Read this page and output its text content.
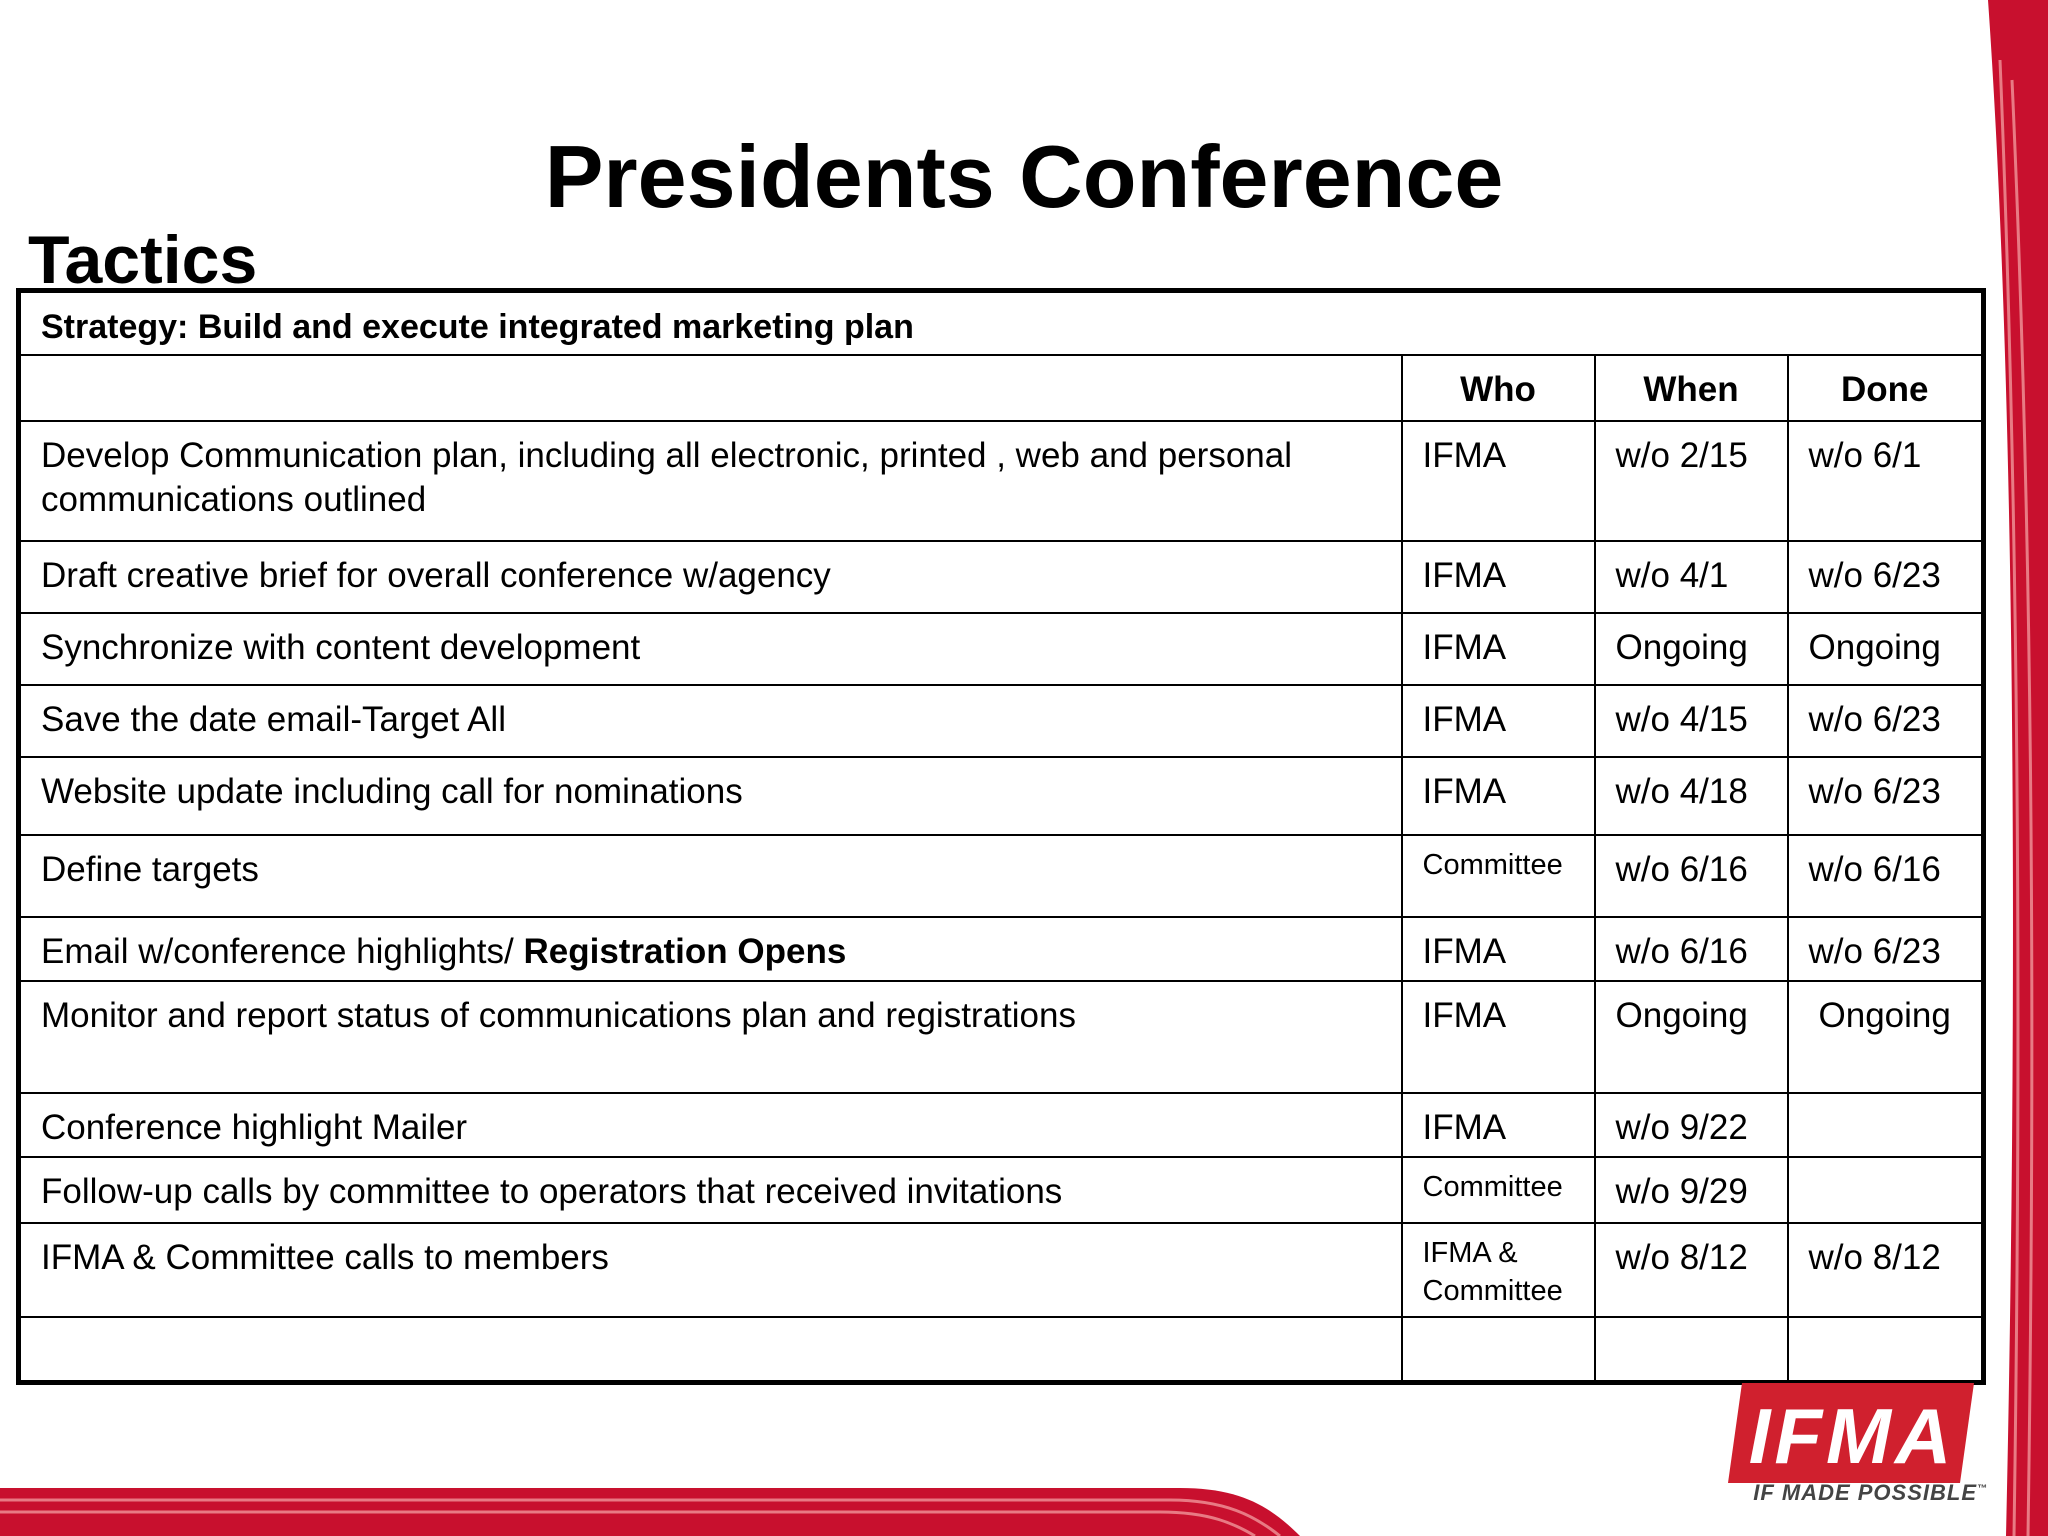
Presidents Conference
Tactics
Strategy: Build and execute integrated marketing plan			
	Who	When	Done
Develop Communication plan, including all electronic, printed , web and personal communications outlined	IFMA	w/o 2/15	w/o 6/1
Draft creative brief for overall conference w/agency	IFMA	w/o 4/1	w/o 6/23
Synchronize with content development	IFMA	Ongoing	Ongoing
Save the date email-Target All	IFMA	w/o 4/15	w/o 6/23
Website update including call for nominations	IFMA	w/o 4/18	w/o 6/23
Define targets	Committee	w/o 6/16	w/o 6/16
Email w/conference highlights/ Registration Opens	IFMA	w/o 6/16	w/o 6/23
Monitor and report status of communications plan and registrations	IFMA	Ongoing	Ongoing
Conference highlight Mailer	IFMA	w/o 9/22	
Follow-up calls by committee to operators that received invitations	Committee	w/o 9/29	
IFMA & Committee calls to members	IFMA & Committee	w/o 8/12	w/o 8/12

IFMA
IF MADE POSSIBLE™
